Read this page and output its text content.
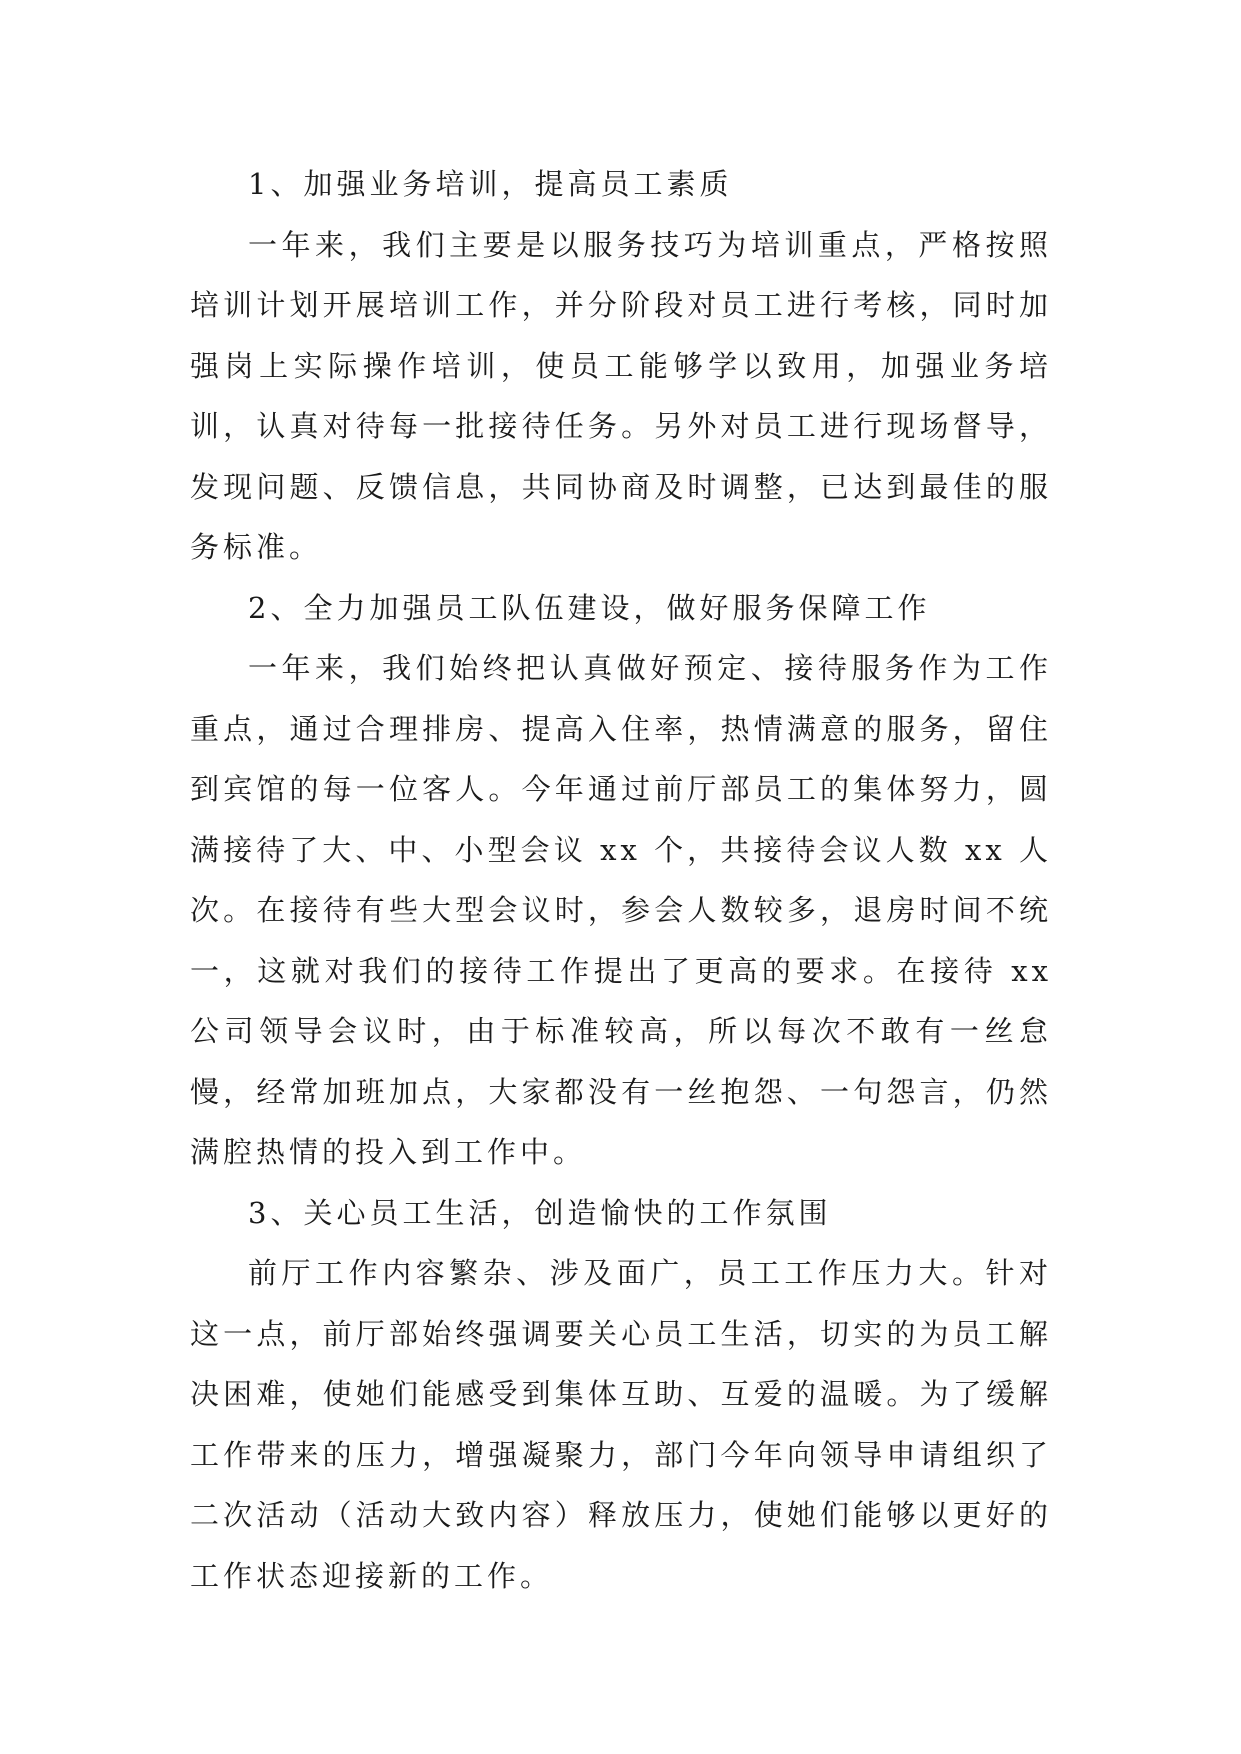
1、加强业务培训，提高员工素质

一年来，我们主要是以服务技巧为培训重点，严格按照培训计划开展培训工作，并分阶段对员工进行考核，同时加强岗上实际操作培训，使员工能够学以致用，加强业务培训，认真对待每一批接待任务。另外对员工进行现场督导，发现问题、反馈信息，共同协商及时调整，已达到最佳的服务标准。

2、全力加强员工队伍建设，做好服务保障工作

一年来，我们始终把认真做好预定、接待服务作为工作重点，通过合理排房、提高入住率，热情满意的服务，留住到宾馆的每一位客人。今年通过前厅部员工的集体努力，圆满接待了大、中、小型会议 xx 个，共接待会议人数 xx 人次。在接待有些大型会议时，参会人数较多，退房时间不统一，这就对我们的接待工作提出了更高的要求。在接待 xx 公司领导会议时，由于标准较高，所以每次不敢有一丝怠慢，经常加班加点，大家都没有一丝抱怨、一句怨言，仍然满腔热情的投入到工作中。

3、关心员工生活，创造愉快的工作氛围

前厅工作内容繁杂、涉及面广，员工工作压力大。针对这一点，前厅部始终强调要关心员工生活，切实的为员工解决困难，使她们能感受到集体互助、互爱的温暖。为了缓解工作带来的压力，增强凝聚力，部门今年向领导申请组织了二次活动（活动大致内容）释放压力，使她们能够以更好的工作状态迎接新的工作。
